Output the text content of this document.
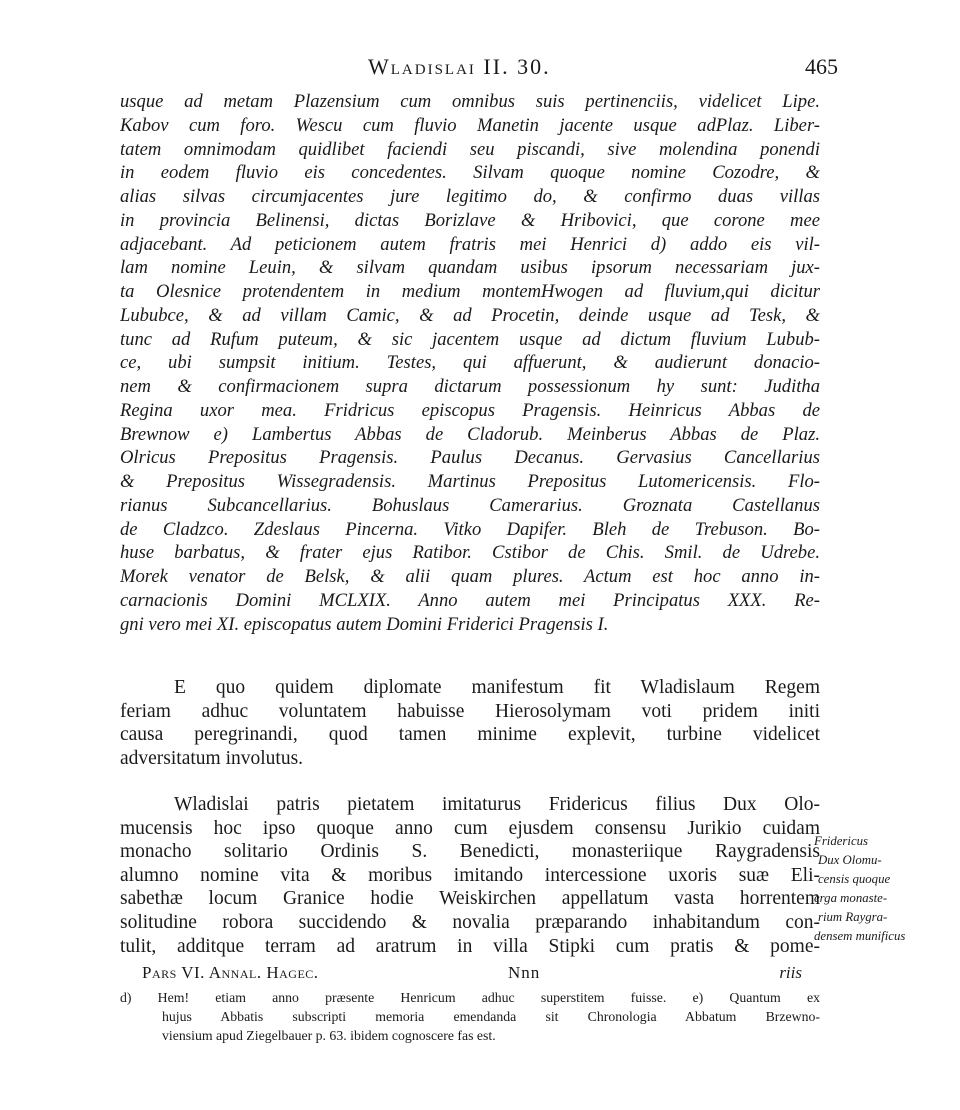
Wladislai II. 30.	465
usque ad metam Plazensium cum omnibus suis pertinenciis, videlicet Lipe.
Kabov cum foro. Wescu cum fluvio Manetin jacente usque adPlaz. Liber-
tatem omnimodam quidlibet faciendi seu piscandi, sive molendina ponendi
in eodem fluvio eis concedentes. Silvam quoque nomine Cozodre, &
alias silvas circumjacentes jure legitimo do, & confirmo duas villas
in provincia Belinensi, dictas Borizlave & Hribovici, que corone mee
adjacebant. Ad peticionem autem fratris mei Henrici d) addo eis vil-
lam nomine Leuin, & silvam quandam usibus ipsorum necessariam jux-
ta Olesnice protendentem in medium montemHwogen ad fluvium,qui dicitur
Lububce, & ad villam Camic, & ad Procetin, deinde usque ad Tesk, &
tunc ad Rufum puteum, & sic jacentem usque ad dictum fluvium Lubub-
ce, ubi sumpsit initium. Testes, qui affuerunt, & audierunt donacio-
nem & confirmacionem supra dictarum possessionum hy sunt: Juditha
Regina uxor mea. Fridricus episcopus Pragensis. Heinricus Abbas de
Brewnow e) Lambertus Abbas de Cladorub. Meinberus Abbas de Plaz.
Olricus Prepositus Pragensis. Paulus Decanus. Gervasius Cancellarius
& Prepositus Wissegradensis. Martinus Prepositus Lutomericensis. Flo-
rianus Subcancellarius. Bohuslaus Camerarius. Groznata Castellanus
de Cladzco. Zdeslaus Pincerna. Vitko Dapifer. Bleh de Trebuson. Bo-
huse barbatus, & frater ejus Ratibor. Cstibor de Chis. Smil. de Udrebe.
Morek venator de Belsk, & alii quam plures. Actum est hoc anno in-
carnacionis Domini MCLXIX. Anno autem mei Principatus XXX. Re-
gni vero mei XI. episcopatus autem Domini Friderici Pragensis I.
E quo quidem diplomate manifestum fit Wladislaum Regem
feriam adhuc voluntatem habuisse Hierosolymam voti pridem initi
causa peregrinandi, quod tamen minime explevit, turbine videlicet
adversitatum involutus.
Wladislai patris pietatem imitaturus Fridericus filius Dux Olo-
mucensis hoc ipso quoque anno cum ejusdem consensu Jurikio cuidam
monacho solitario Ordinis S. Benedicti, monasteriique Raygradensis
alumno nomine vita & moribus imitando intercessione uxoris suæ Eli-
sabethæ locum Granice hodie Weiskirchen appellatum vasta horrentem
solitudine robora succidendo & novalia præparando inhabitandum con-
tulit, additque terram ad aratrum in villa Stipki cum pratis & pome-
Fridericus
Dux Olomu-
censis quoque
erga monaste-
rium Raygra-
densem munificus
Pars VI. Annal. Hagec.	Nnn	riis
d) Hem! etiam anno præsente Henricum adhuc superstitem fuisse. e) Quantum ex
hujus Abbatis subscripti memoria emendanda sit Chronologia Abbatum Brzewno-
viensium apud Ziegelbauer p. 63. ibidem cognoscere fas est.
